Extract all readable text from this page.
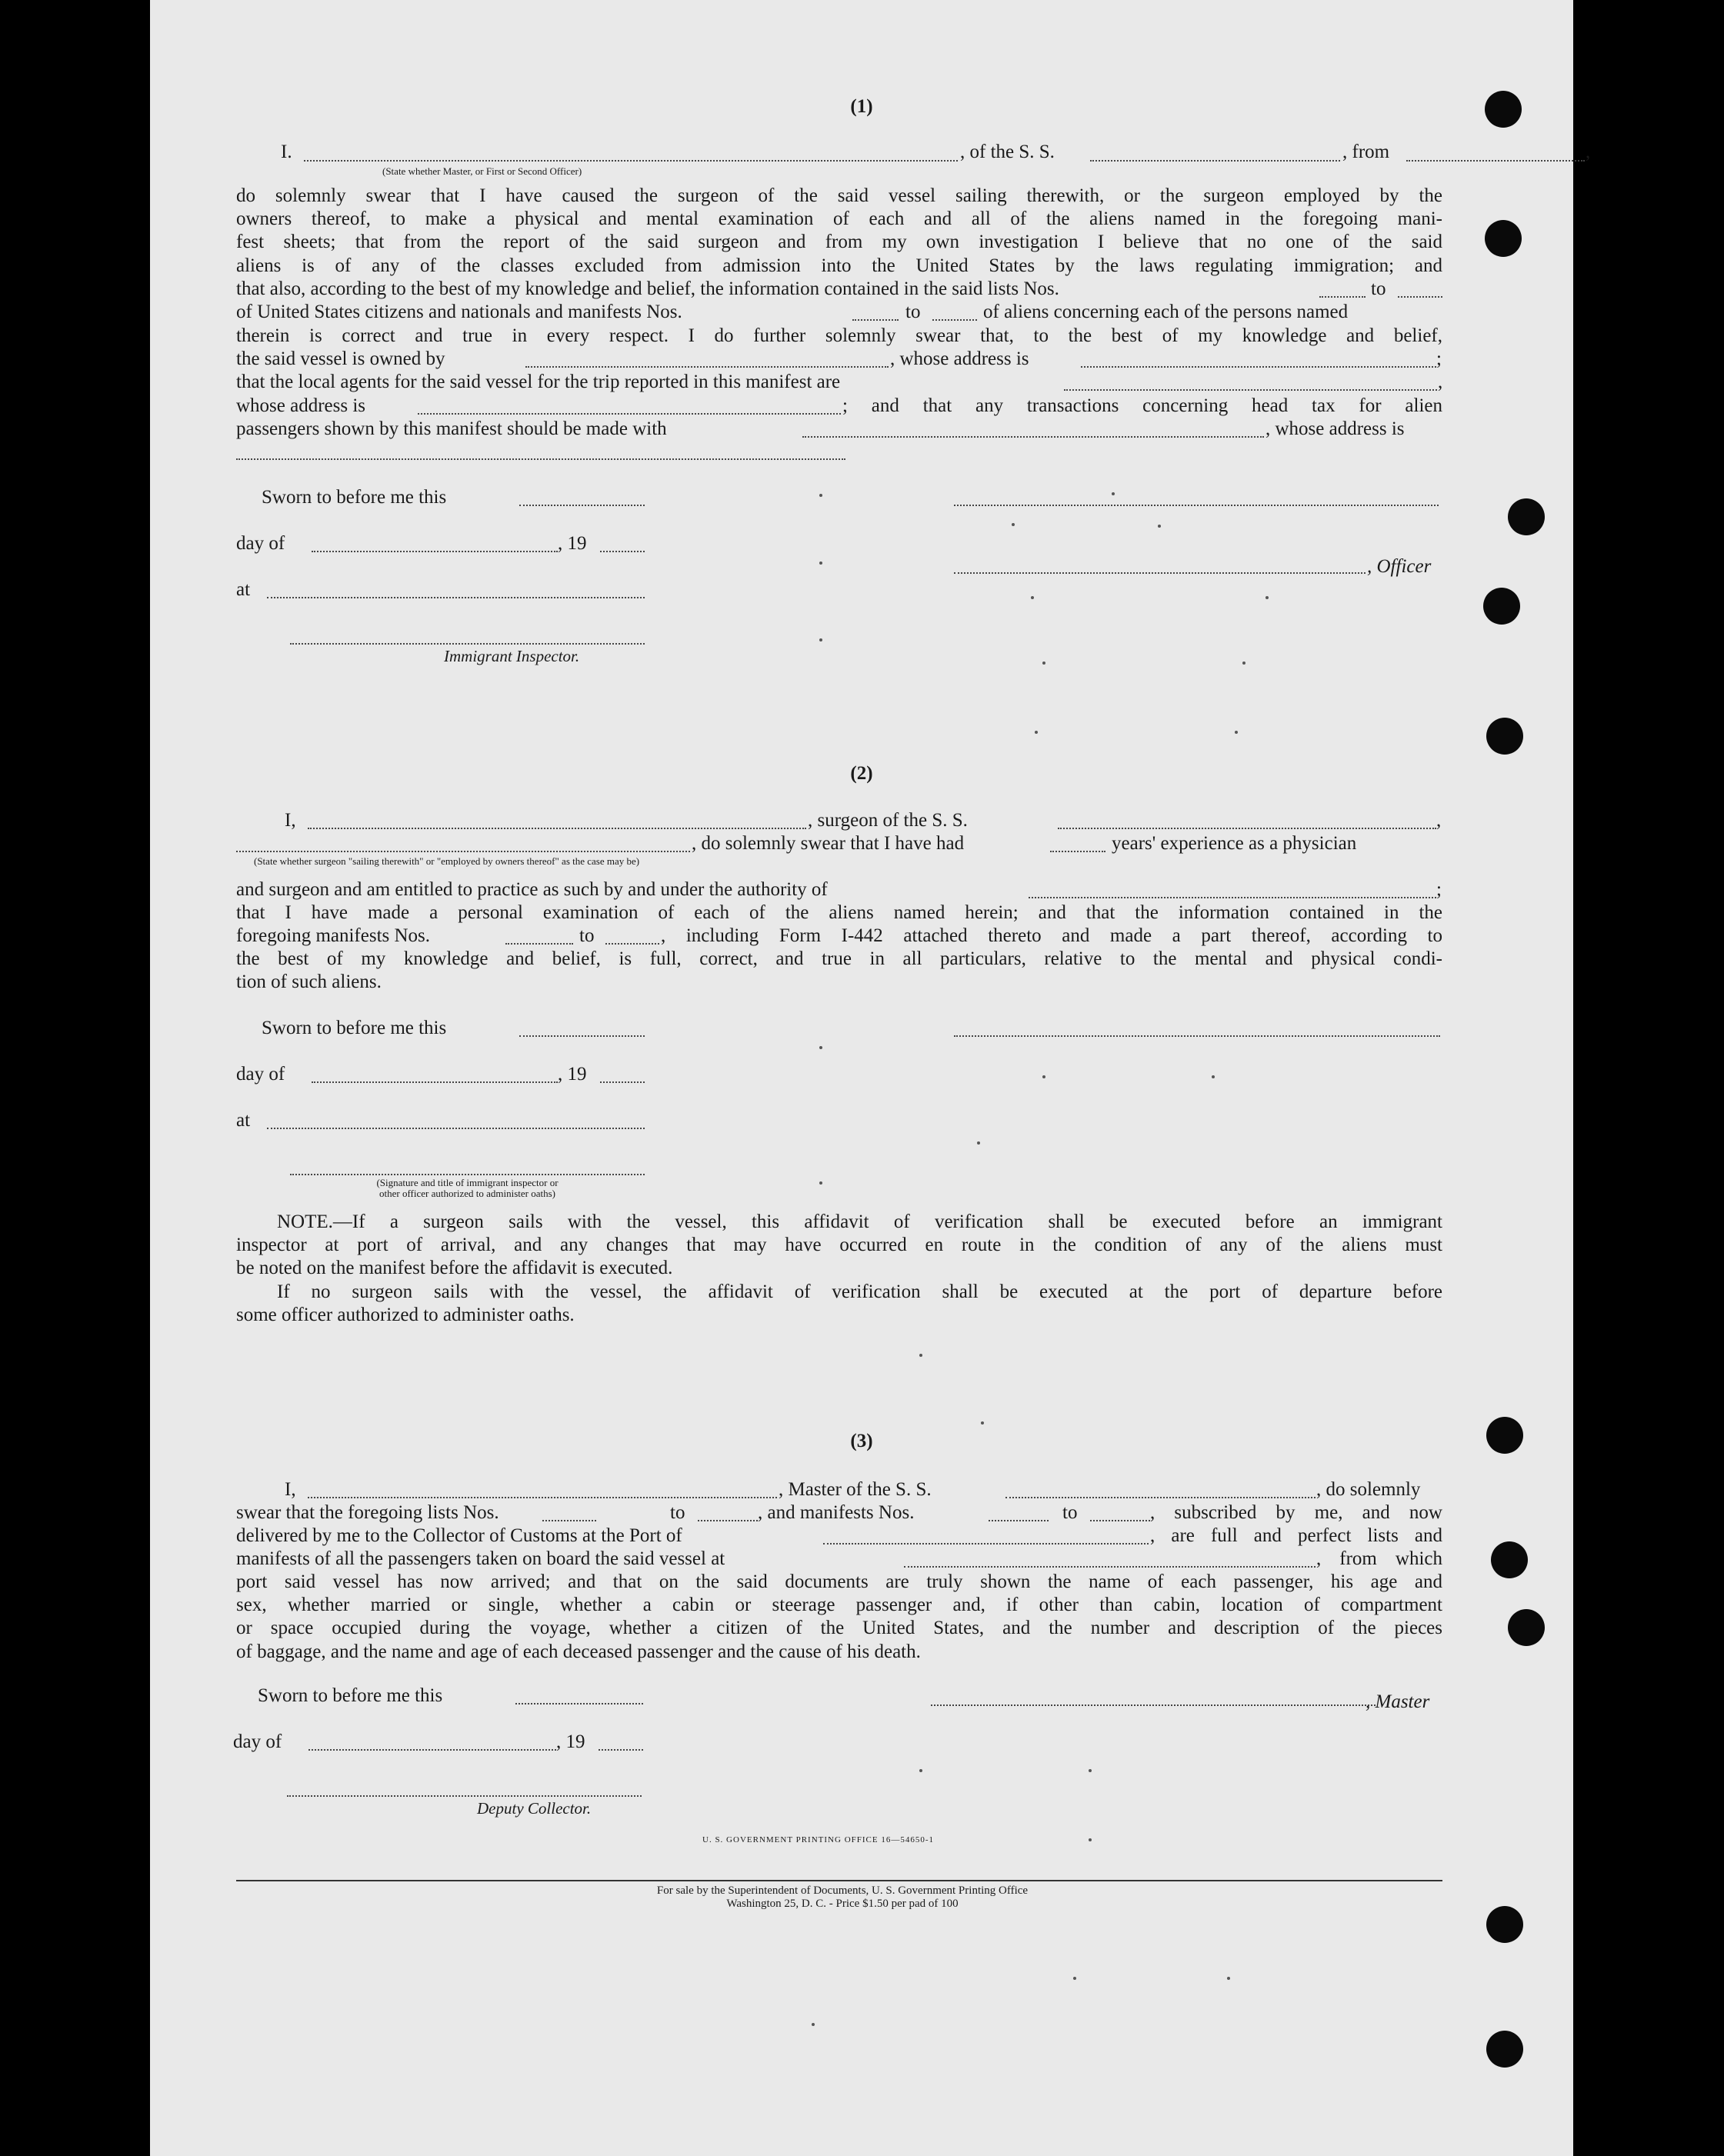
(1)
I.	, of the S. S.	, from	,
(State whether Master, or First or Second Officer)
do solemnly swear that I have caused the surgeon of the said vessel sailing therewith, or the surgeon employed by the
owners thereof, to make a physical and mental examination of each and all of the aliens named in the foregoing mani-
fest sheets; that from the report of the said surgeon and from my own investigation I believe that no one of the said
aliens is of any of the classes excluded from admission into the United States by the laws regulating immigration; and
that also, according to the best of my knowledge and belief, the information contained in the said lists Nos.	to
of United States citizens and nationals and manifests Nos.	to	of aliens concerning each of the persons named
therein is correct and true in every respect. I do further solemnly swear that, to the best of my knowledge and belief,
the said vessel is owned by	, whose address is	;
that the local agents for the said vessel for the trip reported in this manifest are	,
whose address is	; and that any transactions concerning head tax for alien
passengers shown by this manifest should be made with	, whose address is
Sworn to before me this
day of	, 19
, Officer
at
Immigrant Inspector.
(2)
I,	, surgeon of the S. S.	,
, do solemnly swear that I have had	years' experience as a physician
(State whether surgeon "sailing therewith" or "employed by owners thereof" as the case may be)
and surgeon and am entitled to practice as such by and under the authority of	;
that I have made a personal examination of each of the aliens named herein; and that the information contained in the
foregoing manifests Nos.	to	, including Form I-442 attached thereto and made a part thereof, according to
the best of my knowledge and belief, is full, correct, and true in all particulars, relative to the mental and physical condi-
tion of such aliens.
Sworn to before me this
day of	, 19
at
(Signature and title of immigrant inspector or
other officer authorized to administer oaths)
NOTE.—If a surgeon sails with the vessel, this affidavit of verification shall be executed before an immigrant
inspector at port of arrival, and any changes that may have occurred en route in the condition of any of the aliens must
be noted on the manifest before the affidavit is executed.
If no surgeon sails with the vessel, the affidavit of verification shall be executed at the port of departure before
some officer authorized to administer oaths.
(3)
I,	, Master of the S. S.	, do solemnly
swear that the foregoing lists Nos.	to	, and manifests Nos.	to	, subscribed by me, and now
delivered by me to the Collector of Customs at the Port of	, are full and perfect lists and
manifests of all the passengers taken on board the said vessel at	, from which
port said vessel has now arrived; and that on the said documents are truly shown the name of each passenger, his age and
sex, whether married or single, whether a cabin or steerage passenger and, if other than cabin, location of compartment
or space occupied during the voyage, whether a citizen of the United States, and the number and description of the pieces
of baggage, and the name and age of each deceased passenger and the cause of his death.
Sworn to before me this	, Master
day of	, 19
Deputy Collector.
U. S. GOVERNMENT PRINTING OFFICE 16—54650-1
For sale by the Superintendent of Documents, U. S. Government Printing Office
Washington 25, D. C. - Price $1.50 per pad of 100
